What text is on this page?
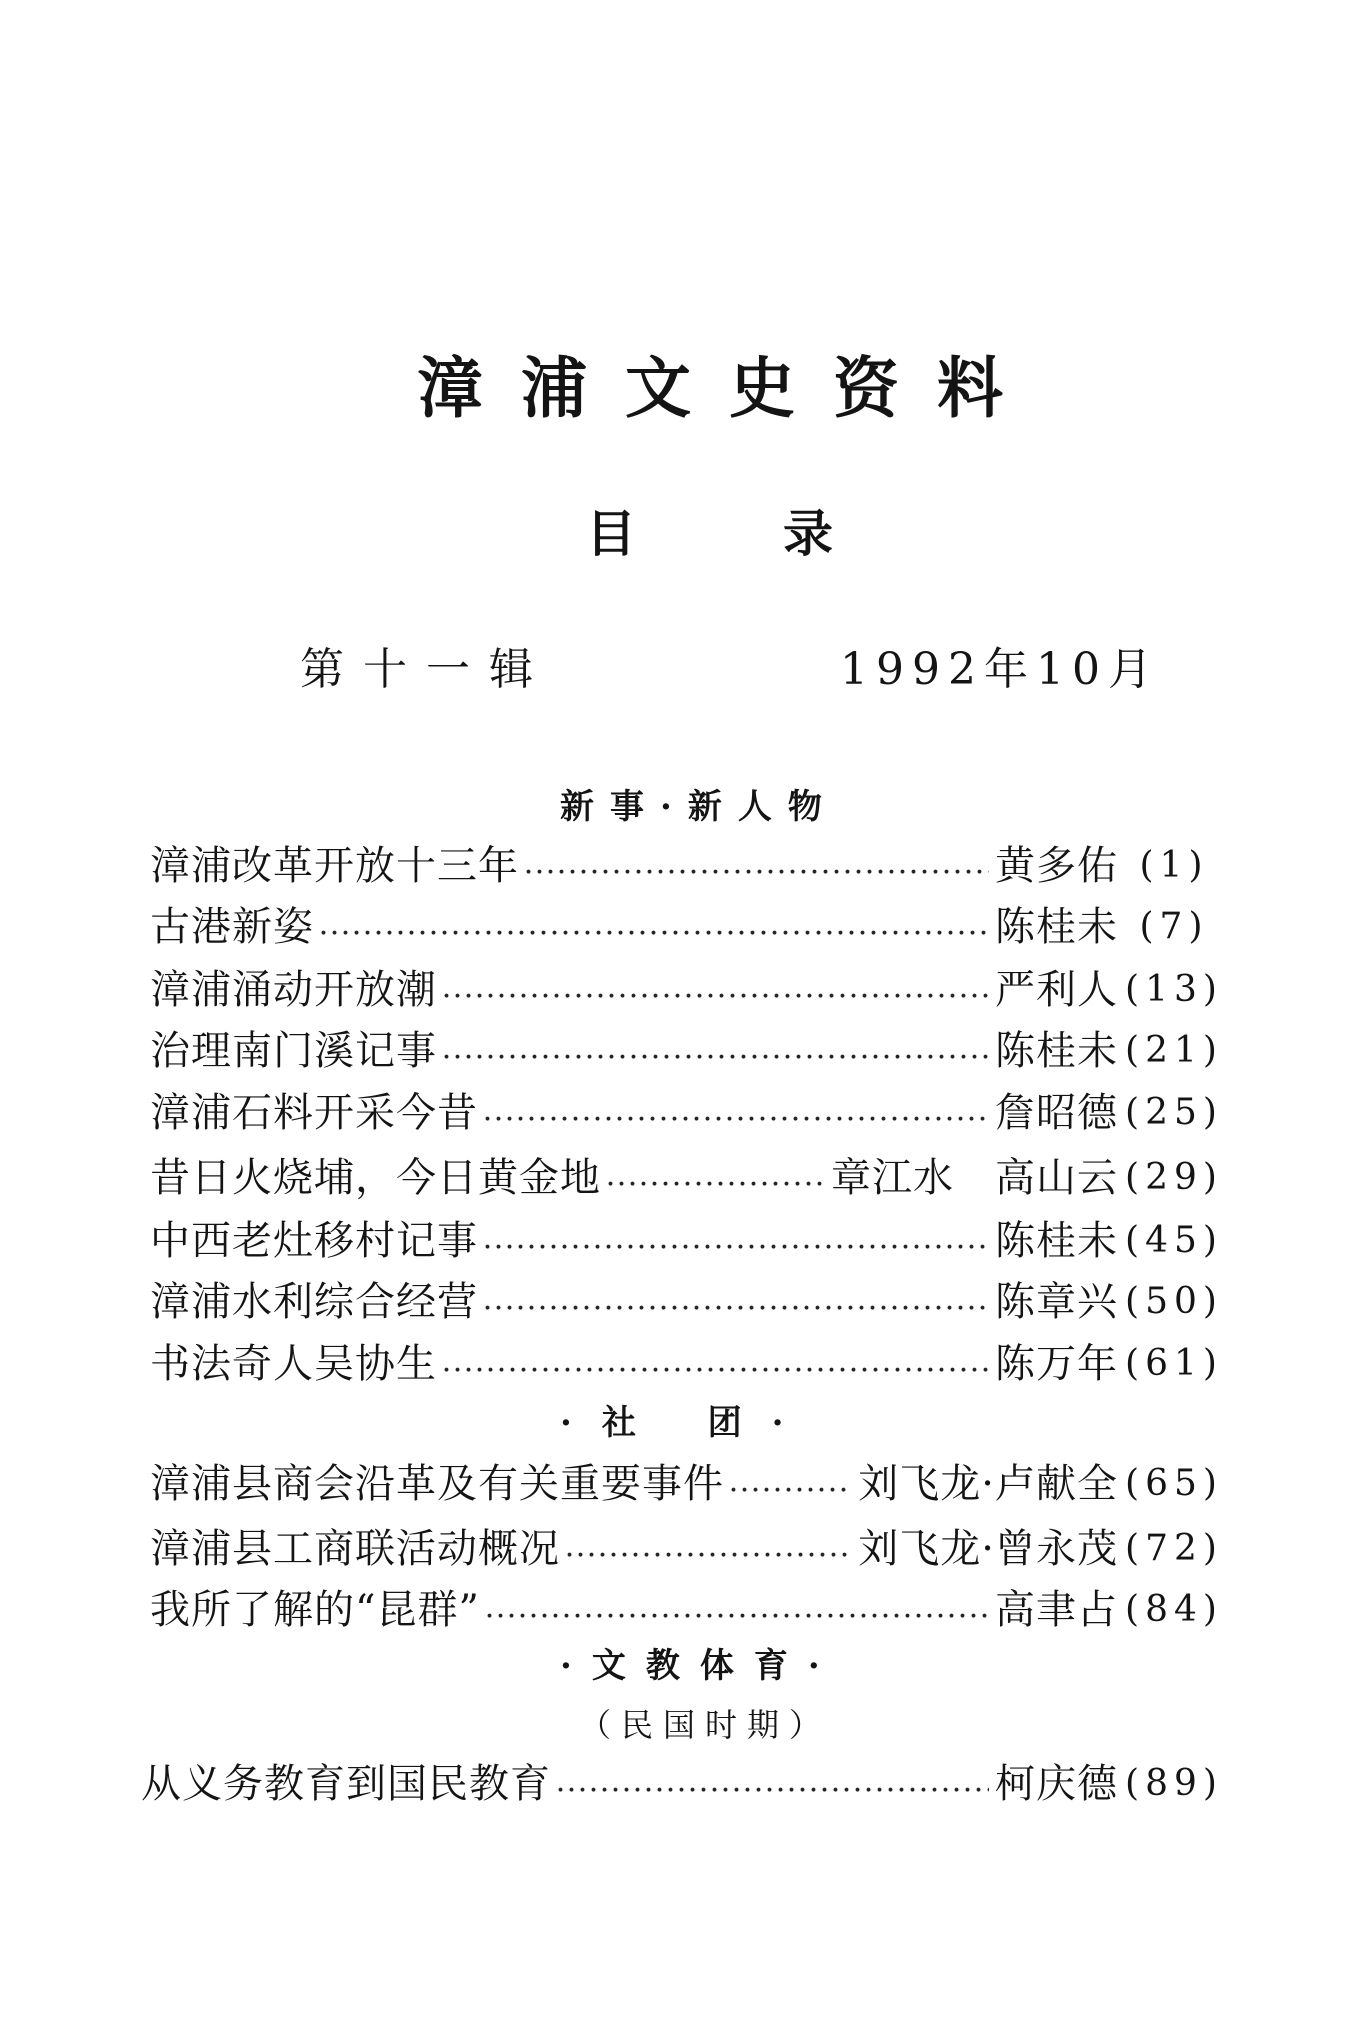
漳浦文史资料
目录
第十一辑	1992年10月
新事·新人物
漳浦改革开放十三年	黄多佑 (1)
古港新姿	陈桂未 (7)
漳浦涌动开放潮	严利人 (13)
治理南门溪记事	陈桂未 (21)
漳浦石料开采今昔	詹昭德 (25)
昔日火烧埔，今日黄金地	章江水　高山云 (29)
中西老灶移村记事	陈桂未 (45)
漳浦水利综合经营	陈章兴 (50)
书法奇人吴协生	陈万年 (61)
·社 团·
漳浦县商会沿革及有关重要事件	刘飞龙·卢献全 (65)
漳浦县工商联活动概况	刘飞龙·曾永茂 (72)
我所了解的“昆群”	高聿占 (84)
·文教体育·
（民国时期）
从义务教育到国民教育	柯庆德 (89)
